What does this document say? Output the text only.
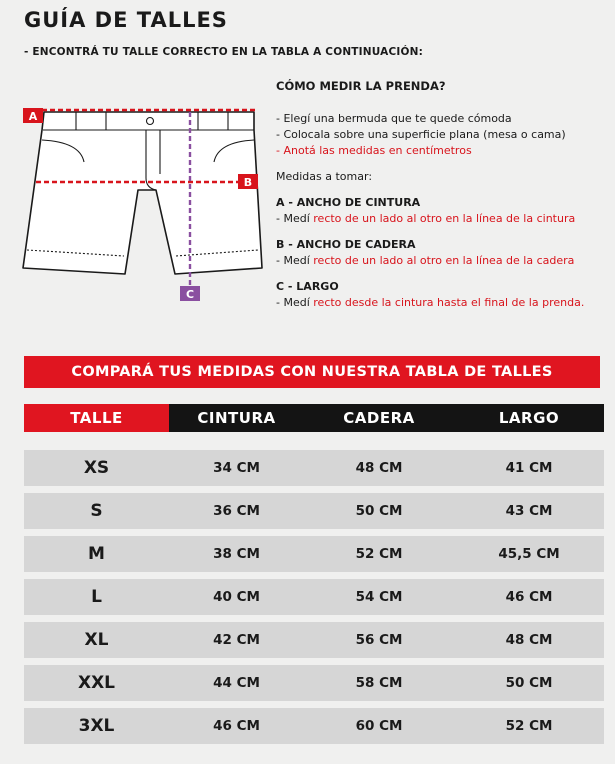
GUÍA DE TALLES
- ENCONTRÁ TU TALLE CORRECTO EN LA TABLA A CONTINUACIÓN:
A
B
C
CÓMO MEDIR LA PRENDA?
- Elegí una bermuda que te quede cómoda
- Colocala sobre una superficie plana (mesa o cama)
- Anotá las medidas en centímetros
Medidas a tomar:
A - ANCHO DE CINTURA
- Medí recto de un lado al otro en la línea de la cintura
B - ANCHO DE CADERA
- Medí recto de un lado al otro en la línea de la cadera
C - LARGO
- Medí recto desde la cintura hasta el final de la prenda.
COMPARÁ TUS MEDIDAS CON NUESTRA TABLA DE TALLES
TALLE	CINTURA	CADERA	LARGO
XS	34 CM	48 CM	41 CM
S	36 CM	50 CM	43 CM
M	38 CM	52 CM	45,5 CM
L	40 CM	54 CM	46 CM
XL	42 CM	56 CM	48 CM
XXL	44 CM	58 CM	50 CM
3XL	46 CM	60 CM	52 CM
